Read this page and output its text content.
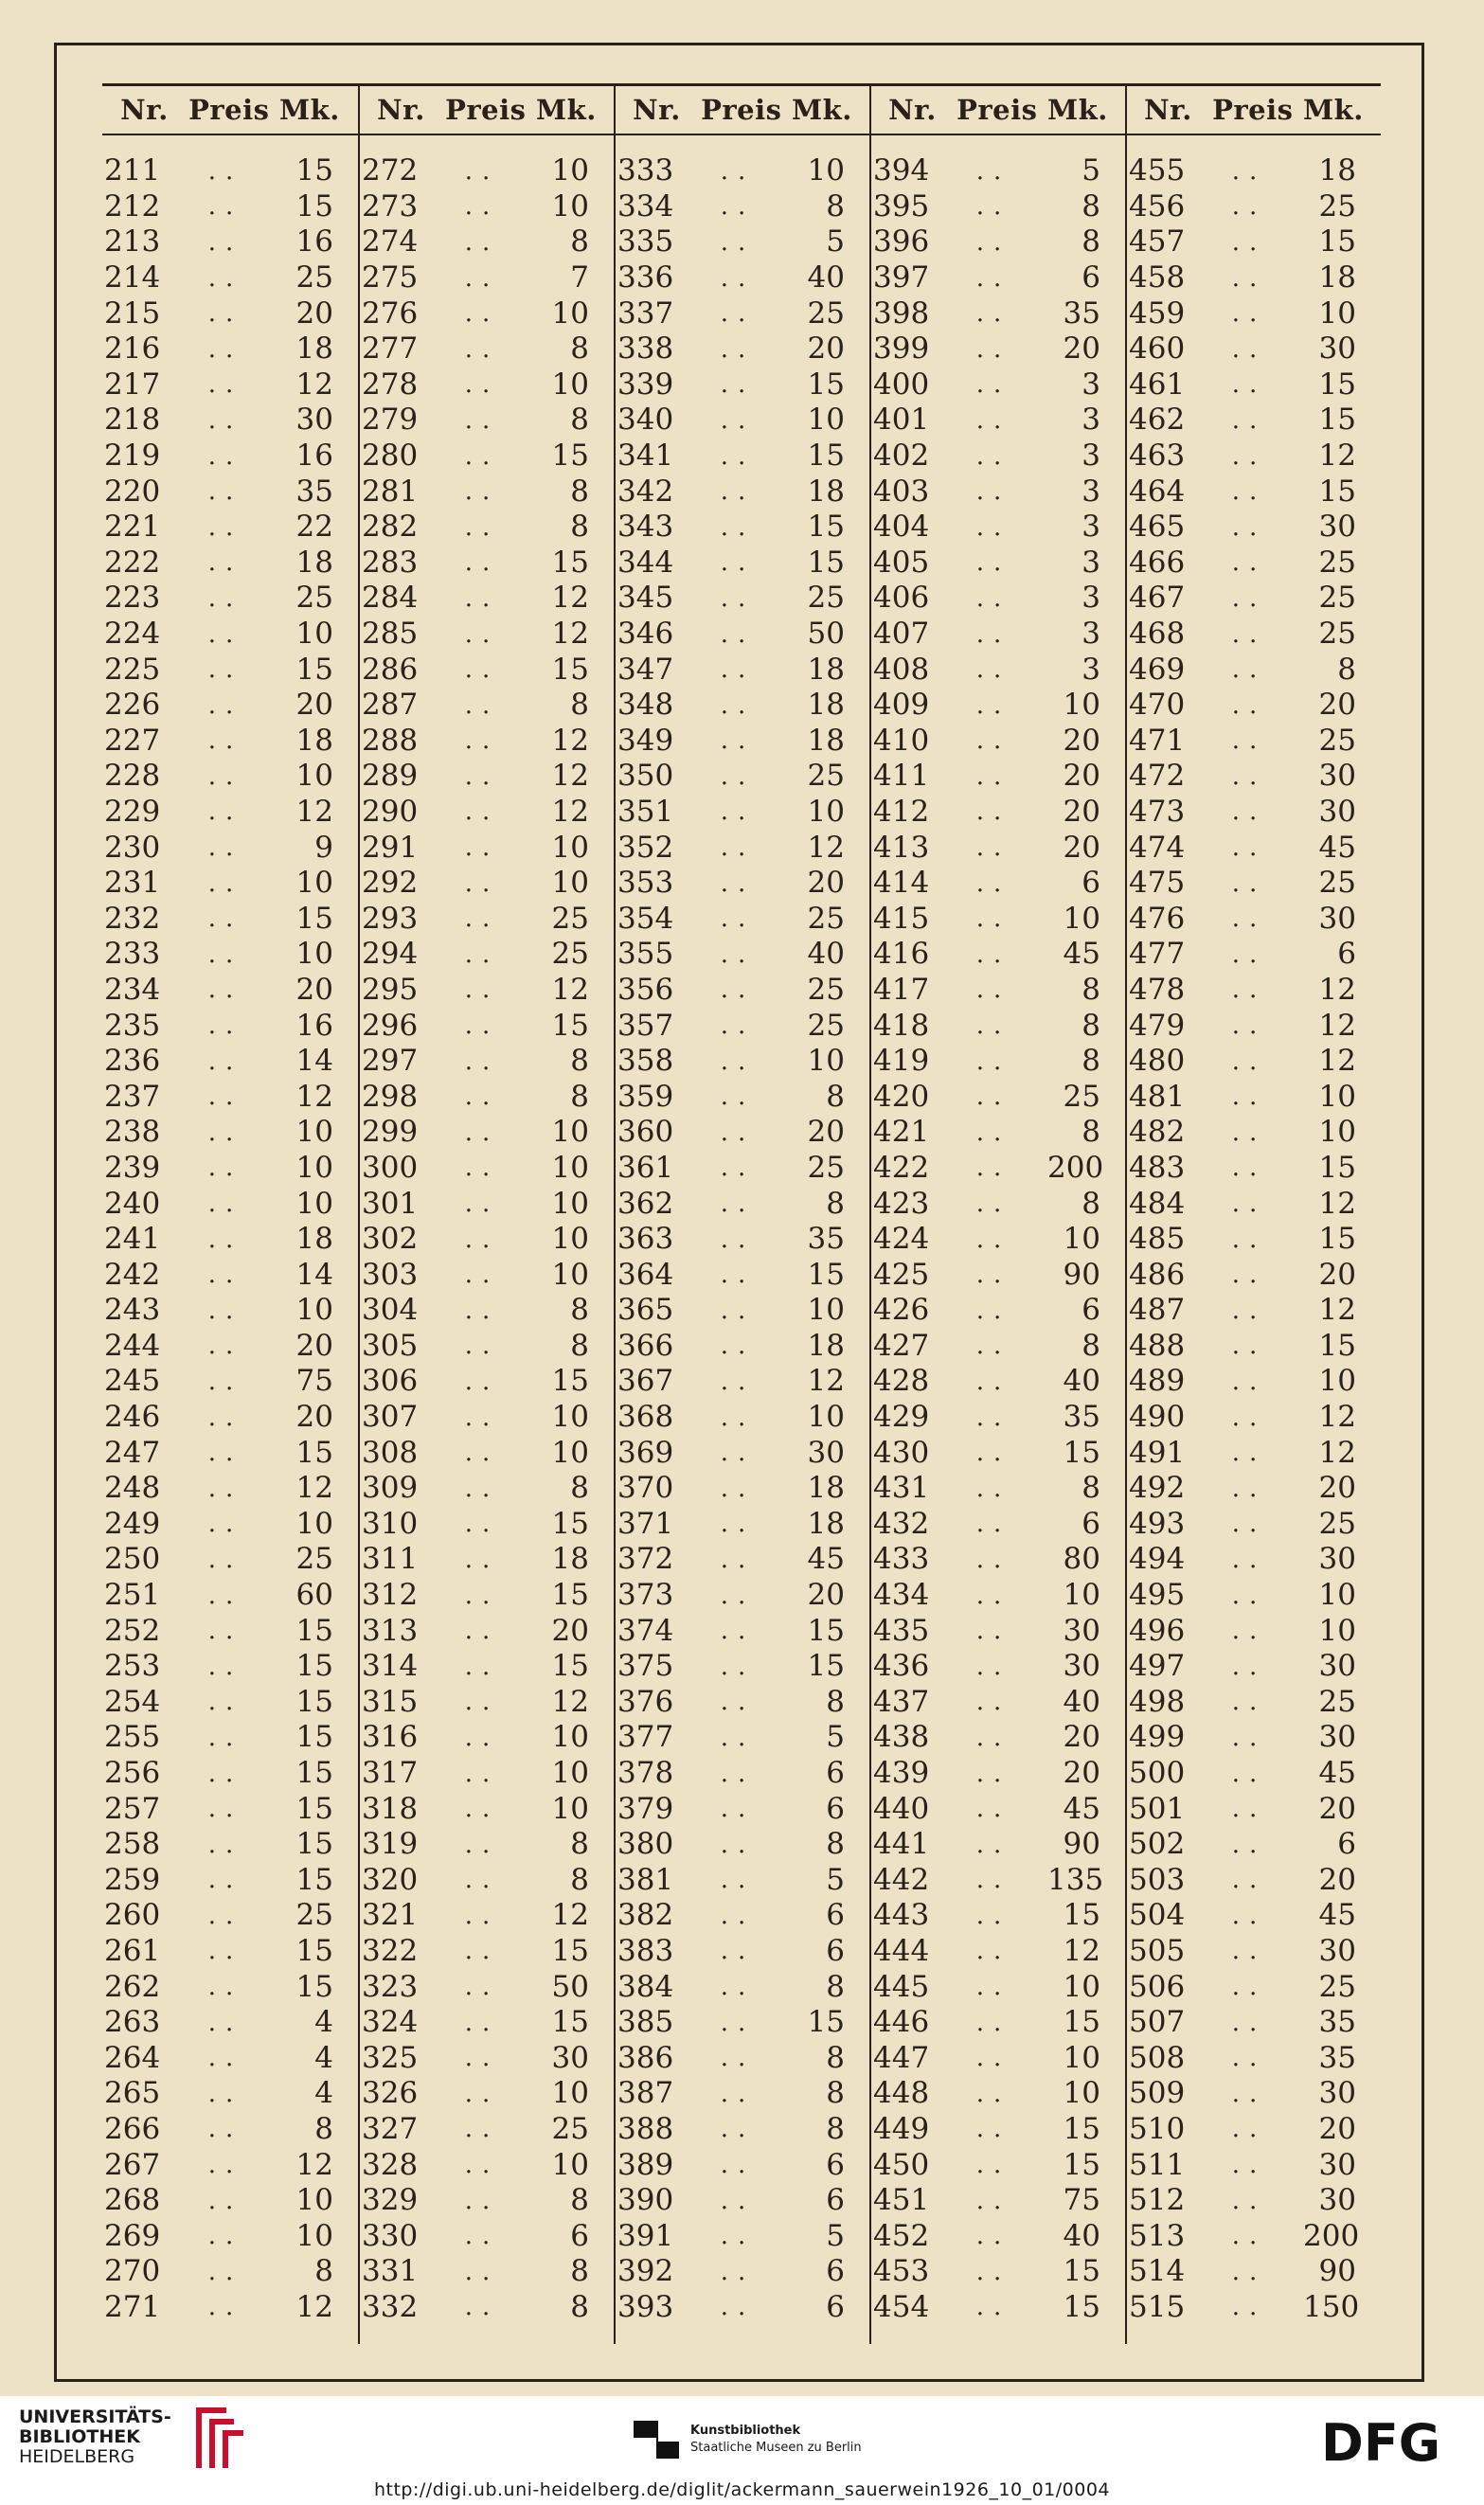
Nr.
Preis Mk.
211	..	15
212	..	15
213	..	16
214	..	25
215	..	20
216	..	18
217	..	12
218	..	30
219	..	16
220	..	35
221	..	22
222	..	18
223	..	25
224	..	10
225	..	15
226	..	20
227	..	18
228	..	10
229	..	12
230	..	9
231	..	10
232	..	15
233	..	10
234	..	20
235	..	16
236	..	14
237	..	12
238	..	10
239	..	10
240	..	10
241	..	18
242	..	14
243	..	10
244	..	20
245	..	75
246	..	20
247	..	15
248	..	12
249	..	10
250	..	25
251	..	60
252	..	15
253	..	15
254	..	15
255	..	15
256	..	15
257	..	15
258	..	15
259	..	15
260	..	25
261	..	15
262	..	15
263	..	4
264	..	4
265	..	4
266	..	8
267	..	12
268	..	10
269	..	10
270	..	8
271	..	12
Nr.
Preis Mk.
272	..	10
273	..	10
274	..	8
275	..	7
276	..	10
277	..	8
278	..	10
279	..	8
280	..	15
281	..	8
282	..	8
283	..	15
284	..	12
285	..	12
286	..	15
287	..	8
288	..	12
289	..	12
290	..	12
291	..	10
292	..	10
293	..	25
294	..	25
295	..	12
296	..	15
297	..	8
298	..	8
299	..	10
300	..	10
301	..	10
302	..	10
303	..	10
304	..	8
305	..	8
306	..	15
307	..	10
308	..	10
309	..	8
310	..	15
311	..	18
312	..	15
313	..	20
314	..	15
315	..	12
316	..	10
317	..	10
318	..	10
319	..	8
320	..	8
321	..	12
322	..	15
323	..	50
324	..	15
325	..	30
326	..	10
327	..	25
328	..	10
329	..	8
330	..	6
331	..	8
332	..	8
Nr.
Preis Mk.
333	..	10
334	..	8
335	..	5
336	..	40
337	..	25
338	..	20
339	..	15
340	..	10
341	..	15
342	..	18
343	..	15
344	..	15
345	..	25
346	..	50
347	..	18
348	..	18
349	..	18
350	..	25
351	..	10
352	..	12
353	..	20
354	..	25
355	..	40
356	..	25
357	..	25
358	..	10
359	..	8
360	..	20
361	..	25
362	..	8
363	..	35
364	..	15
365	..	10
366	..	18
367	..	12
368	..	10
369	..	30
370	..	18
371	..	18
372	..	45
373	..	20
374	..	15
375	..	15
376	..	8
377	..	5
378	..	6
379	..	6
380	..	8
381	..	5
382	..	6
383	..	6
384	..	8
385	..	15
386	..	8
387	..	8
388	..	8
389	..	6
390	..	6
391	..	5
392	..	6
393	..	6
Nr.
Preis Mk.
394	..	5
395	..	8
396	..	8
397	..	6
398	..	35
399	..	20
400	..	3
401	..	3
402	..	3
403	..	3
404	..	3
405	..	3
406	..	3
407	..	3
408	..	3
409	..	10
410	..	20
411	..	20
412	..	20
413	..	20
414	..	6
415	..	10
416	..	45
417	..	8
418	..	8
419	..	8
420	..	25
421	..	8
422	..	200
423	..	8
424	..	10
425	..	90
426	..	6
427	..	8
428	..	40
429	..	35
430	..	15
431	..	8
432	..	6
433	..	80
434	..	10
435	..	30
436	..	30
437	..	40
438	..	20
439	..	20
440	..	45
441	..	90
442	..	135
443	..	15
444	..	12
445	..	10
446	..	15
447	..	10
448	..	10
449	..	15
450	..	15
451	..	75
452	..	40
453	..	15
454	..	15
Nr.
Preis Mk.
455	..	18
456	..	25
457	..	15
458	..	18
459	..	10
460	..	30
461	..	15
462	..	15
463	..	12
464	..	15
465	..	30
466	..	25
467	..	25
468	..	25
469	..	8
470	..	20
471	..	25
472	..	30
473	..	30
474	..	45
475	..	25
476	..	30
477	..	6
478	..	12
479	..	12
480	..	12
481	..	10
482	..	10
483	..	15
484	..	12
485	..	15
486	..	20
487	..	12
488	..	15
489	..	10
490	..	12
491	..	12
492	..	20
493	..	25
494	..	30
495	..	10
496	..	10
497	..	30
498	..	25
499	..	30
500	..	45
501	..	20
502	..	6
503	..	20
504	..	45
505	..	30
506	..	25
507	..	35
508	..	35
509	..	30
510	..	20
511	..	30
512	..	30
513	..	200
514	..	90
515	..	150
UNIVERSITÄTS-
BIBLIOTHEK
HEIDELBERG
Kunstbibliothek
Staatliche Museen zu Berlin	DFG
http://digi.ub.uni-heidelberg.de/diglit/ackermann_sauerwein1926_10_01/0004
